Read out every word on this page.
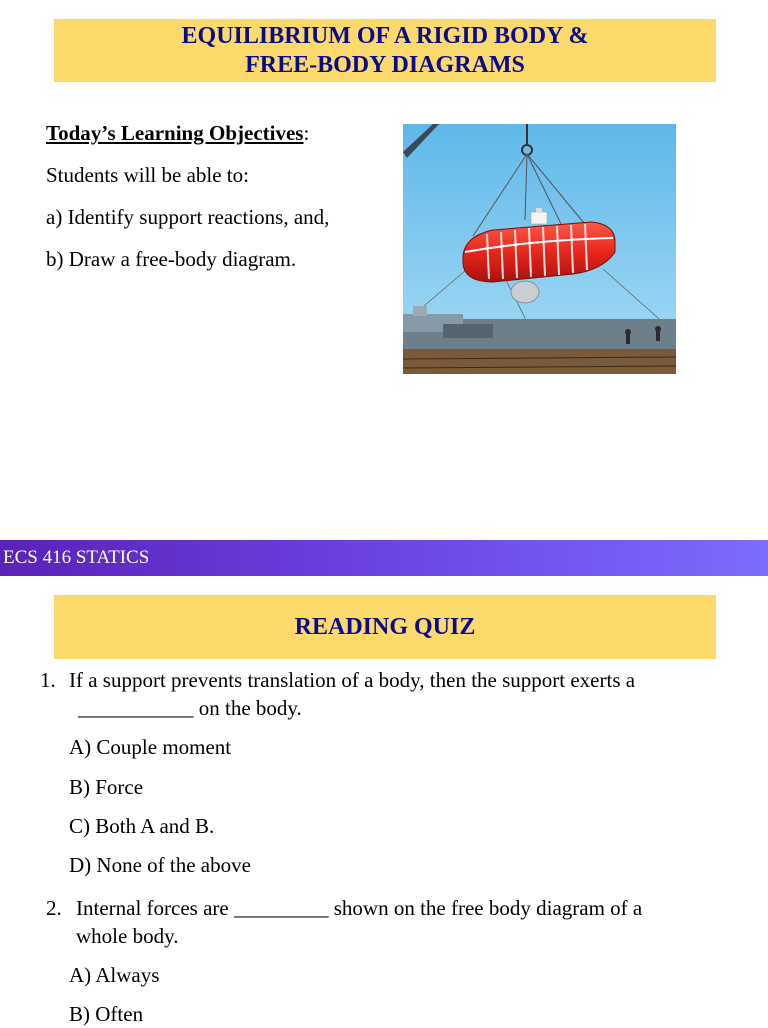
EQUILIBRIUM OF A RIGID BODY &
FREE-BODY DIAGRAMS

Today’s Learning Objectives:

Students will be able to:

a) Identify support reactions, and,

b) Draw a free-body diagram.

ECS 416 STATICS
READING QUIZ
1. If a support prevents translation of a body, then the support exerts a
___________ on the body.
A) Couple moment
B) Force
C) Both A and B.
D) None of the above
2. Internal forces are _________ shown on the free body diagram of a
whole body.
A) Always
B) Often
